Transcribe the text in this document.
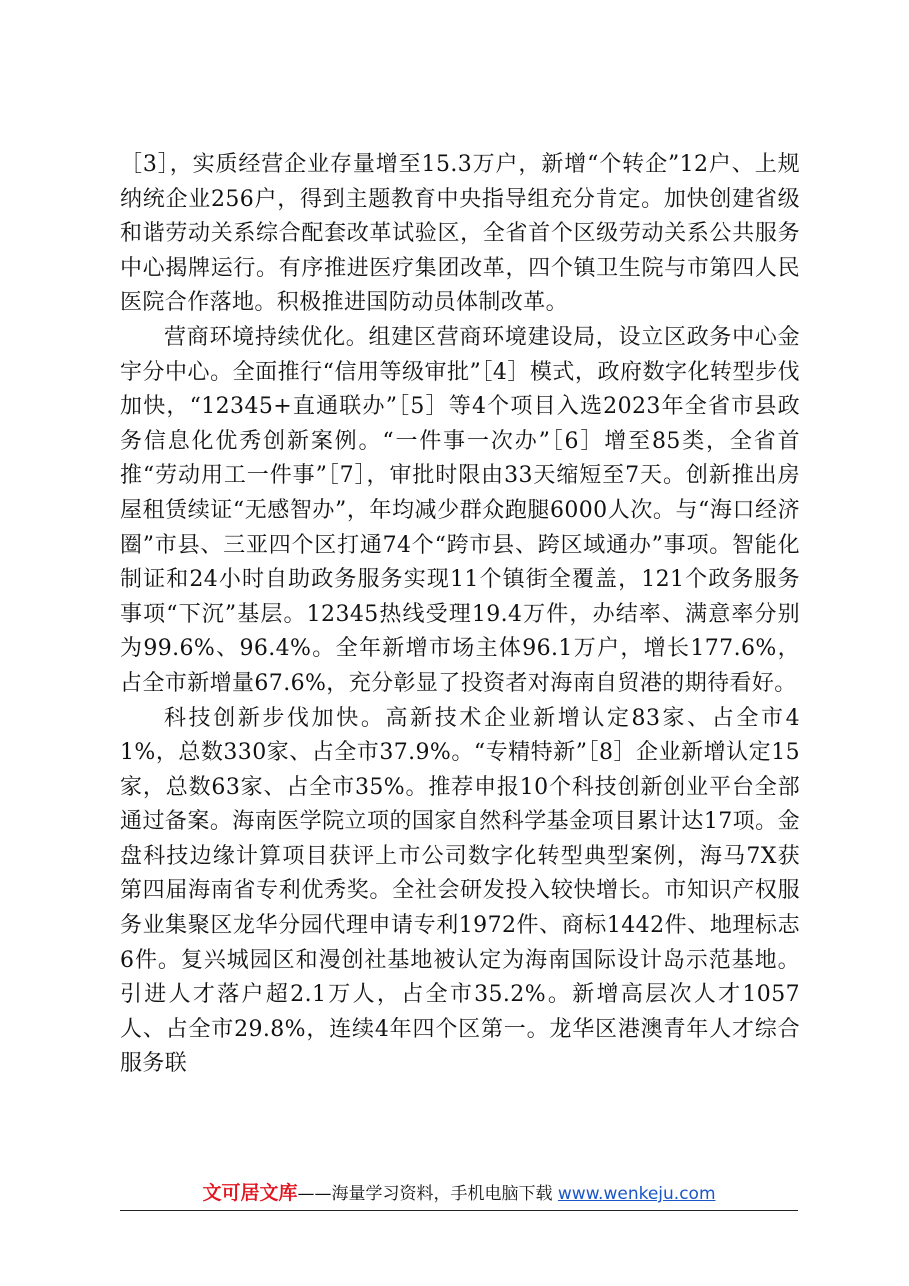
［3］，实质经营企业存量增至15.3万户，新增“个转企”12户、上规纳统企业256户，得到主题教育中央指导组充分肯定。加快创建省级和谐劳动关系综合配套改革试验区，全省首个区级劳动关系公共服务中心揭牌运行。有序推进医疗集团改革，四个镇卫生院与市第四人民医院合作落地。积极推进国防动员体制改革。

营商环境持续优化。组建区营商环境建设局，设立区政务中心金宇分中心。全面推行“信用等级审批”［4］模式，政府数字化转型步伐加快，“12345+直通联办”［5］等4个项目入选2023年全省市县政务信息化优秀创新案例。“一件事一次办”［6］增至85类，全省首推“劳动用工一件事”［7］，审批时限由33天缩短至7天。创新推出房屋租赁续证“无感智办”，年均减少群众跑腿6000人次。与“海口经济圈”市县、三亚四个区打通74个“跨市县、跨区域通办”事项。智能化制证和24小时自助政务服务实现11个镇街全覆盖，121个政务服务事项“下沉”基层。12345热线受理19.4万件，办结率、满意率分别为99.6%、96.4%。全年新增市场主体96.1万户，增长177.6%，占全市新增量67.6%，充分彰显了投资者对海南自贸港的期待看好。

科技创新步伐加快。高新技术企业新增认定83家、占全市41%，总数330家、占全市37.9%。“专精特新”［8］企业新增认定15家，总数63家、占全市35%。推荐申报10个科技创新创业平台全部通过备案。海南医学院立项的国家自然科学基金项目累计达17项。金盘科技边缘计算项目获评上市公司数字化转型典型案例，海马7X获第四届海南省专利优秀奖。全社会研发投入较快增长。市知识产权服务业集聚区龙华分园代理申请专利1972件、商标1442件、地理标志6件。复兴城园区和漫创社基地被认定为海南国际设计岛示范基地。引进人才落户超2.1万人，占全市35.2%。新增高层次人才1057人、占全市29.8%，连续4年四个区第一。龙华区港澳青年人才综合服务联

文可居文库——海量学习资料，手机电脑下载 www.wenkeju.com
